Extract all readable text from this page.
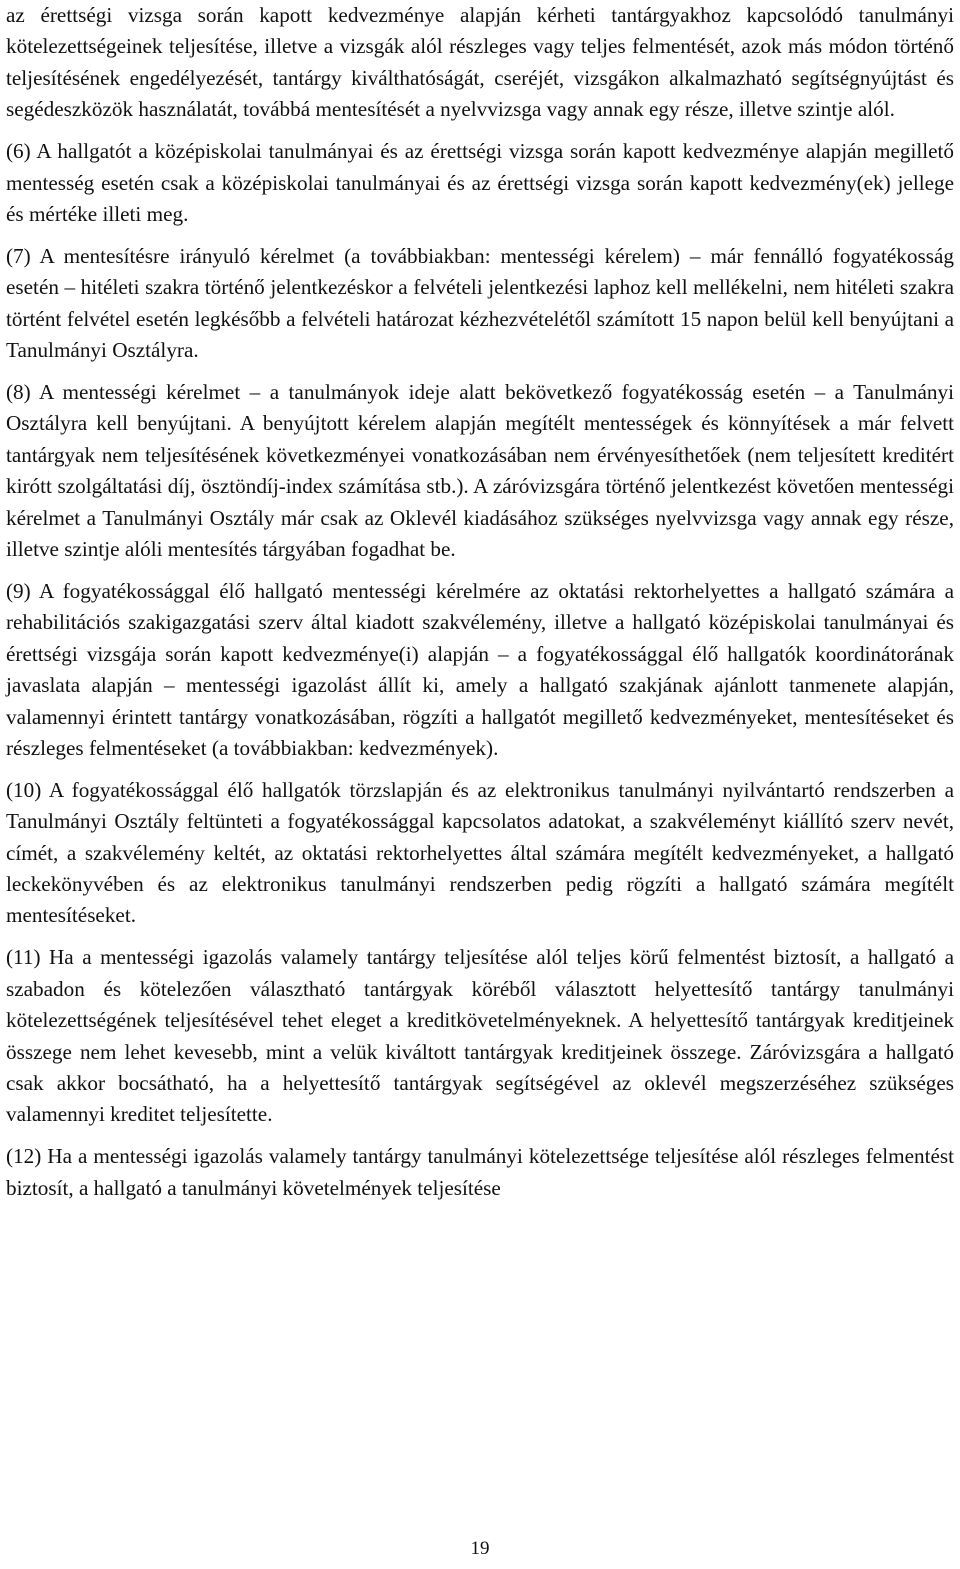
az érettségi vizsga során kapott kedvezménye alapján kérheti tantárgyakhoz kapcsolódó tanulmányi kötelezettségeinek teljesítése, illetve a vizsgák alól részleges vagy teljes felmentését, azok más módon történő teljesítésének engedélyezését, tantárgy kiválthatóságát, cseréjét, vizsgákon alkalmazható segítségnyújtást és segédeszközök használatát, továbbá mentesítését a nyelvvizsga vagy annak egy része, illetve szintje alól.

(6) A hallgatót a középiskolai tanulmányai és az érettségi vizsga során kapott kedvezménye alapján megillető mentesség esetén csak a középiskolai tanulmányai és az érettségi vizsga során kapott kedvezmény(ek) jellege és mértéke illeti meg.

(7) A mentesítésre irányuló kérelmet (a továbbiakban: mentességi kérelem) – már fennálló fogyatékosság esetén – hitéleti szakra történő jelentkezéskor a felvételi jelentkezési laphoz kell mellékelni, nem hitéleti szakra történt felvétel esetén legkésőbb a felvételi határozat kézhezvételétől számított 15 napon belül kell benyújtani a Tanulmányi Osztályra.

(8) A mentességi kérelmet – a tanulmányok ideje alatt bekövetkező fogyatékosság esetén – a Tanulmányi Osztályra kell benyújtani. A benyújtott kérelem alapján megítélt mentességek és könnyítések a már felvett tantárgyak nem teljesítésének következményei vonatkozásában nem érvényesíthetőek (nem teljesített kreditért kirótt szolgáltatási díj, ösztöndíj-index számítása stb.). A záróvizsgára történő jelentkezést követően mentességi kérelmet a Tanulmányi Osztály már csak az Oklevél kiadásához szükséges nyelvvizsga vagy annak egy része, illetve szintje alóli mentesítés tárgyában fogadhat be.

(9) A fogyatékossággal élő hallgató mentességi kérelmére az oktatási rektorhelyettes a hallgató számára a rehabilitációs szakigazgatási szerv által kiadott szakvélemény, illetve a hallgató középiskolai tanulmányai és érettségi vizsgája során kapott kedvezménye(i) alapján – a fogyatékossággal élő hallgatók koordinátorának javaslata alapján – mentességi igazolást állít ki, amely a hallgató szakjának ajánlott tanmenete alapján, valamennyi érintett tantárgy vonatkozásában, rögzíti a hallgatót megillető kedvezményeket, mentesítéseket és részleges felmentéseket (a továbbiakban: kedvezmények).

(10) A fogyatékossággal élő hallgatók törzslapján és az elektronikus tanulmányi nyilvántartó rendszerben a Tanulmányi Osztály feltünteti a fogyatékossággal kapcsolatos adatokat, a szakvéleményt kiállító szerv nevét, címét, a szakvélemény keltét, az oktatási rektorhelyettes által számára megítélt kedvezményeket, a hallgató leckekönyvében és az elektronikus tanulmányi rendszerben pedig rögzíti a hallgató számára megítélt mentesítéseket.

(11) Ha a mentességi igazolás valamely tantárgy teljesítése alól teljes körű felmentést biztosít, a hallgató a szabadon és kötelezően választható tantárgyak köréből választott helyettesítő tantárgy tanulmányi kötelezettségének teljesítésével tehet eleget a kreditkövetelményeknek. A helyettesítő tantárgyak kreditjeinek összege nem lehet kevesebb, mint a velük kiváltott tantárgyak kreditjeinek összege. Záróvizsgára a hallgató csak akkor bocsátható, ha a helyettesítő tantárgyak segítségével az oklevél megszerzéséhez szükséges valamennyi kreditet teljesítette.

(12) Ha a mentességi igazolás valamely tantárgy tanulmányi kötelezettsége teljesítése alól részleges felmentést biztosít, a hallgató a tanulmányi követelmények teljesítése

19
